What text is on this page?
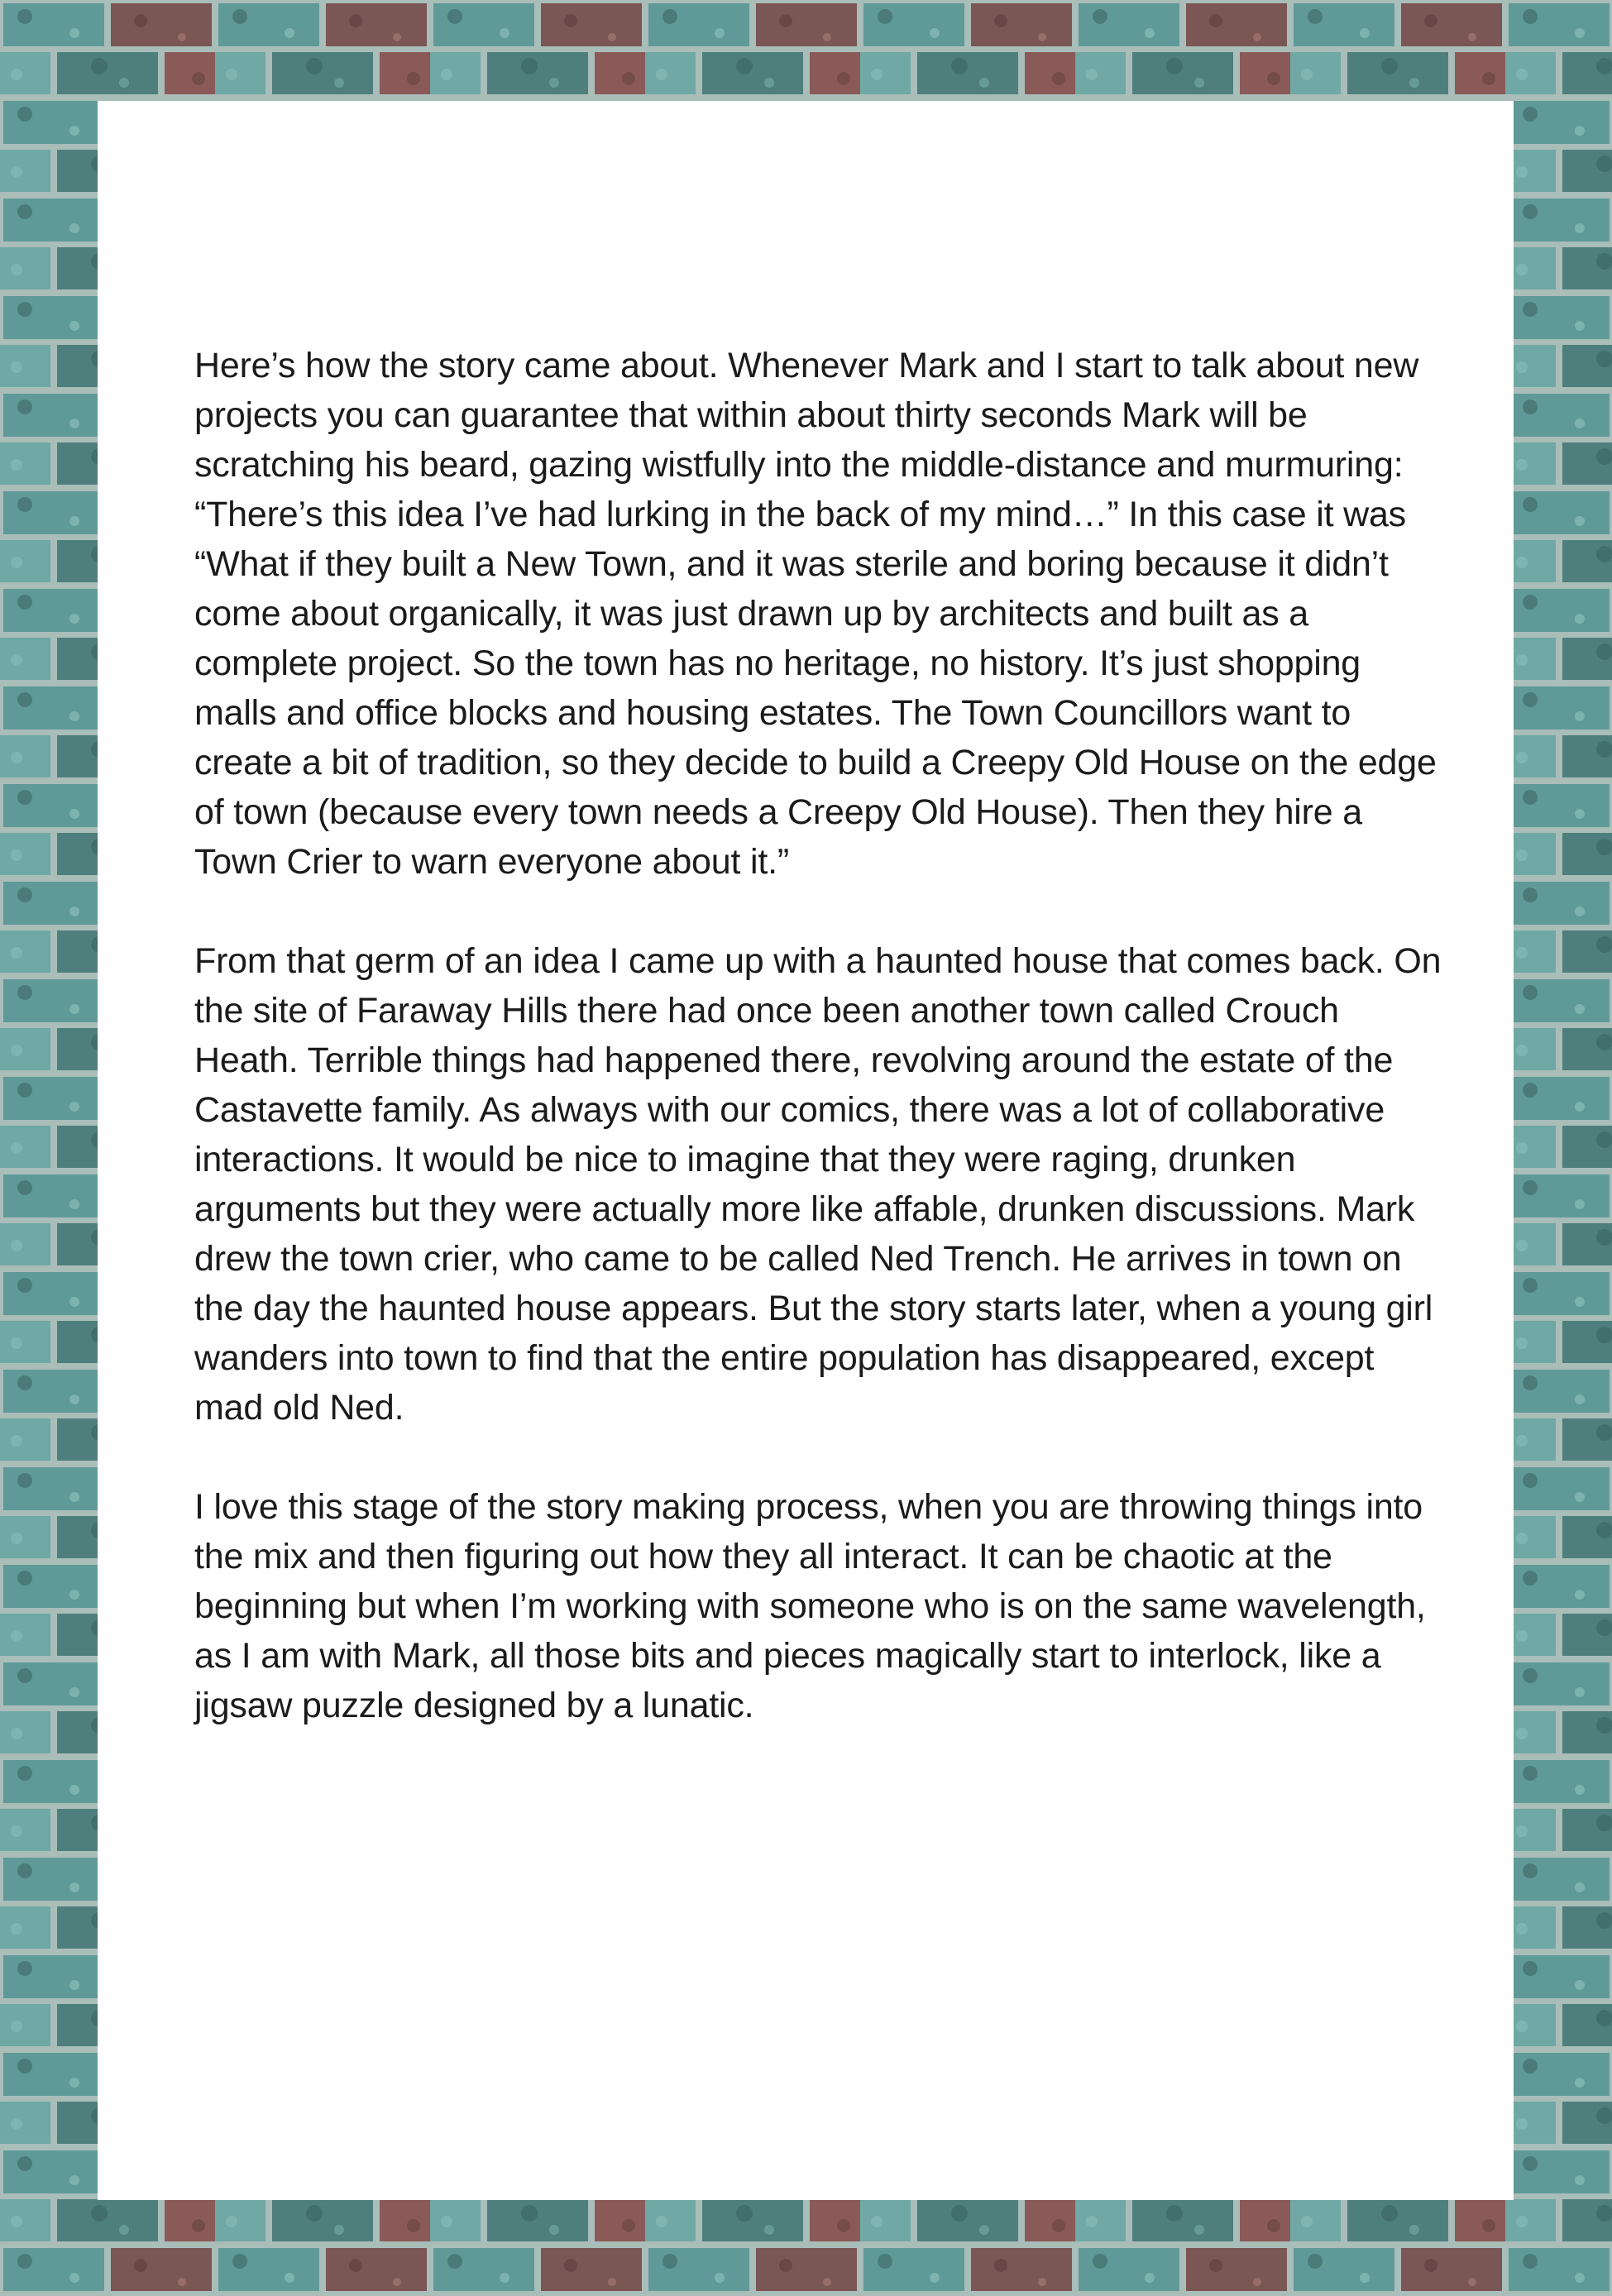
Here’s how the story came about. Whenever Mark and I start to talk about new projects you can guarantee that within about thirty seconds Mark will be scratching his beard, gazing wistfully into the middle-distance and murmuring: “There’s this idea I’ve had lurking in the back of my mind…” In this case it was “What if they built a New Town, and it was sterile and boring because it didn’t come about organically, it was just drawn up by architects and built as a complete project. So the town has no heritage, no history. It’s just shopping malls and office blocks and housing estates. The Town Councillors want to create a bit of tradition, so they decide to build a Creepy Old House on the edge of town (because every town needs a Creepy Old House). Then they hire a Town Crier to warn everyone about it.”

From that germ of an idea I came up with a haunted house that comes back. On the site of Faraway Hills there had once been another town called Crouch Heath. Terrible things had happened there, revolving around the estate of the Castavette family. As always with our comics, there was a lot of collaborative interactions. It would be nice to imagine that they were raging, drunken arguments but they were actually more like affable, drunken discussions. Mark drew the town crier, who came to be called Ned Trench. He arrives in town on the day the haunted house appears. But the story starts later, when a young girl wanders into town to find that the entire population has disappeared, except mad old Ned.

I love this stage of the story making process, when you are throwing things into the mix and then figuring out how they all interact. It can be chaotic at the beginning but when I’m working with someone who is on the same wavelength, as I am with Mark, all those bits and pieces magically start to interlock, like a jigsaw puzzle designed by a lunatic.
